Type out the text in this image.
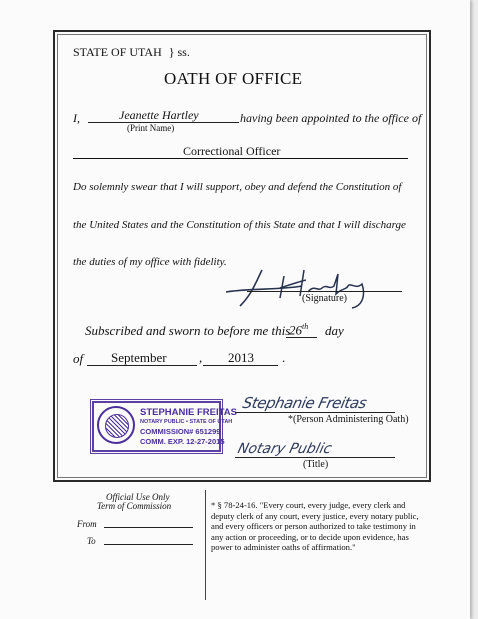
STATE OF UTAH } ss.
OATH OF OFFICE
I,	Jeanette Hartley	having been appointed to the office of
(Print Name)
Correctional Officer
Do solemnly swear that I will support, obey and defend the Constitution of
the United States and the Constitution of this State and that I will discharge
the duties of my office with fidelity.
(Signature)
Subscribed and sworn to before me this
26th day
of September , 2013 .
STEPHANIE FREITAS
NOTARY PUBLIC • STATE OF UTAH
COMMISSION# 651299
COMM. EXP. 12-27-2015
Stephanie Freitas
*(Person Administering Oath)
Notary Public
(Title)
Official Use Only
Term of Commission
From
To
* § 78-24-16. "Every court, every judge, every clerk and
deputy clerk of any court, every justice, every notary public,
and every officers or person authorized to take testimony in
any action or proceeding, or to decide upon evidence, has
power to administer oaths of affirmation."
